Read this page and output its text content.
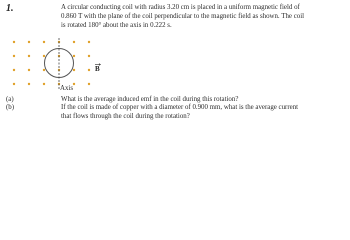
1.	A circular conducting coil with radius 3.20 cm is placed in a uniform magnetic field of
0.860 T with the plane of the coil perpendicular to the magnetic field as shown. The coil
is rotated 180° about the axis in 0.222 s.
B
Axis
(a)	What is the average induced emf in the coil during this rotation?
(b)	If the coil is made of copper with a diameter of 0.900 mm, what is the average current
that flows through the coil during the rotation?
